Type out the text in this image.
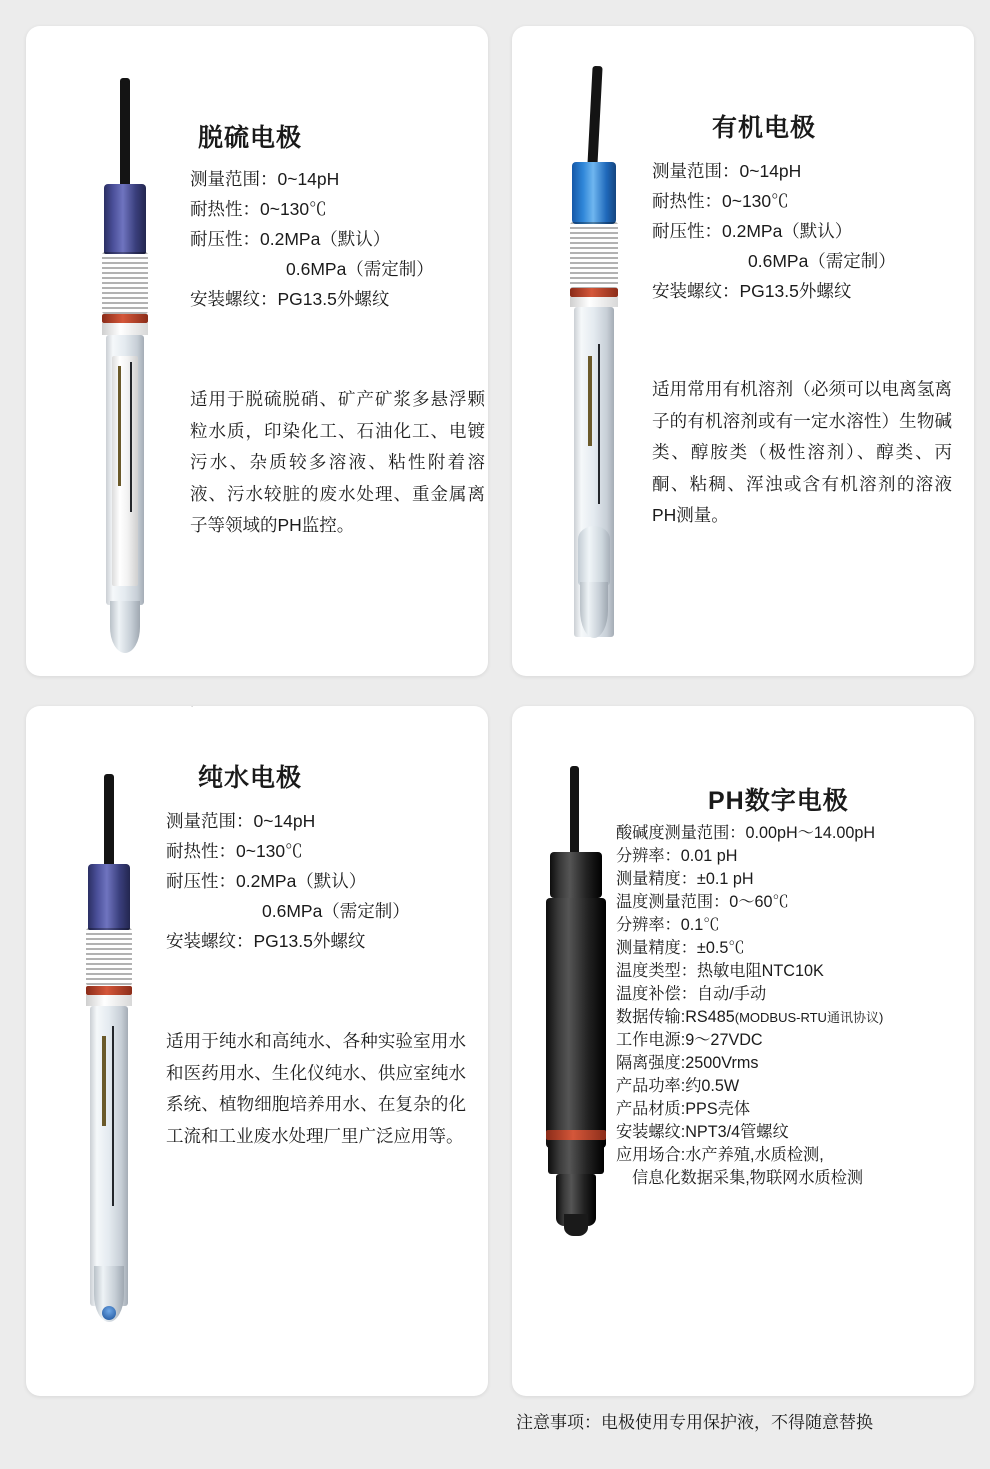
脱硫电极

测量范围：0~14pH

耐热性：0~130℃

耐压性：0.2MPa（默认）

0.6MPa（需定制）

安装螺纹：PG13.5外螺纹

适用于脱硫脱硝、矿产矿浆多悬浮颗粒水质，印染化工、石油化工、电镀污水、杂质较多溶液、粘性附着溶液、污水较脏的废水处理、重金属离子等领域的PH监控。
有机电极

测量范围：0~14pH

耐热性：0~130℃

耐压性：0.2MPa（默认）

0.6MPa（需定制）

安装螺纹：PG13.5外螺纹

适用常用有机溶剂（必须可以电离氢离子的有机溶剂或有一定水溶性）生物碱类、醇胺类（极性溶剂）、醇类、丙酮、粘稠、浑浊或含有机溶剂的溶液PH测量。
纯水电极

测量范围：0~14pH

耐热性：0~130℃

耐压性：0.2MPa（默认）

0.6MPa（需定制）

安装螺纹：PG13.5外螺纹

适用于纯水和高纯水、各种实验室用水和医药用水、生化仪纯水、供应室纯水系统、植物细胞培养用水、在复杂的化工流和工业废水处理厂里广泛应用等。
PH数字电极

酸碱度测量范围：0.00pH～14.00pH

分辨率：0.01 pH

测量精度：±0.1 pH

温度测量范围：0～60℃

分辨率：0.1℃

测量精度：±0.5℃

温度类型：热敏电阻NTC10K

温度补偿：自动/手动

数据传输:RS485(MODBUS-RTU通讯协议)

工作电源:9～27VDC

隔离强度:2500Vrms

产品功率:约0.5W

产品材质:PPS壳体

安装螺纹:NPT3/4管螺纹

应用场合:水产养殖,水质检测,

信息化数据采集,物联网水质检测

注意事项：电极使用专用保护液，不得随意替换
